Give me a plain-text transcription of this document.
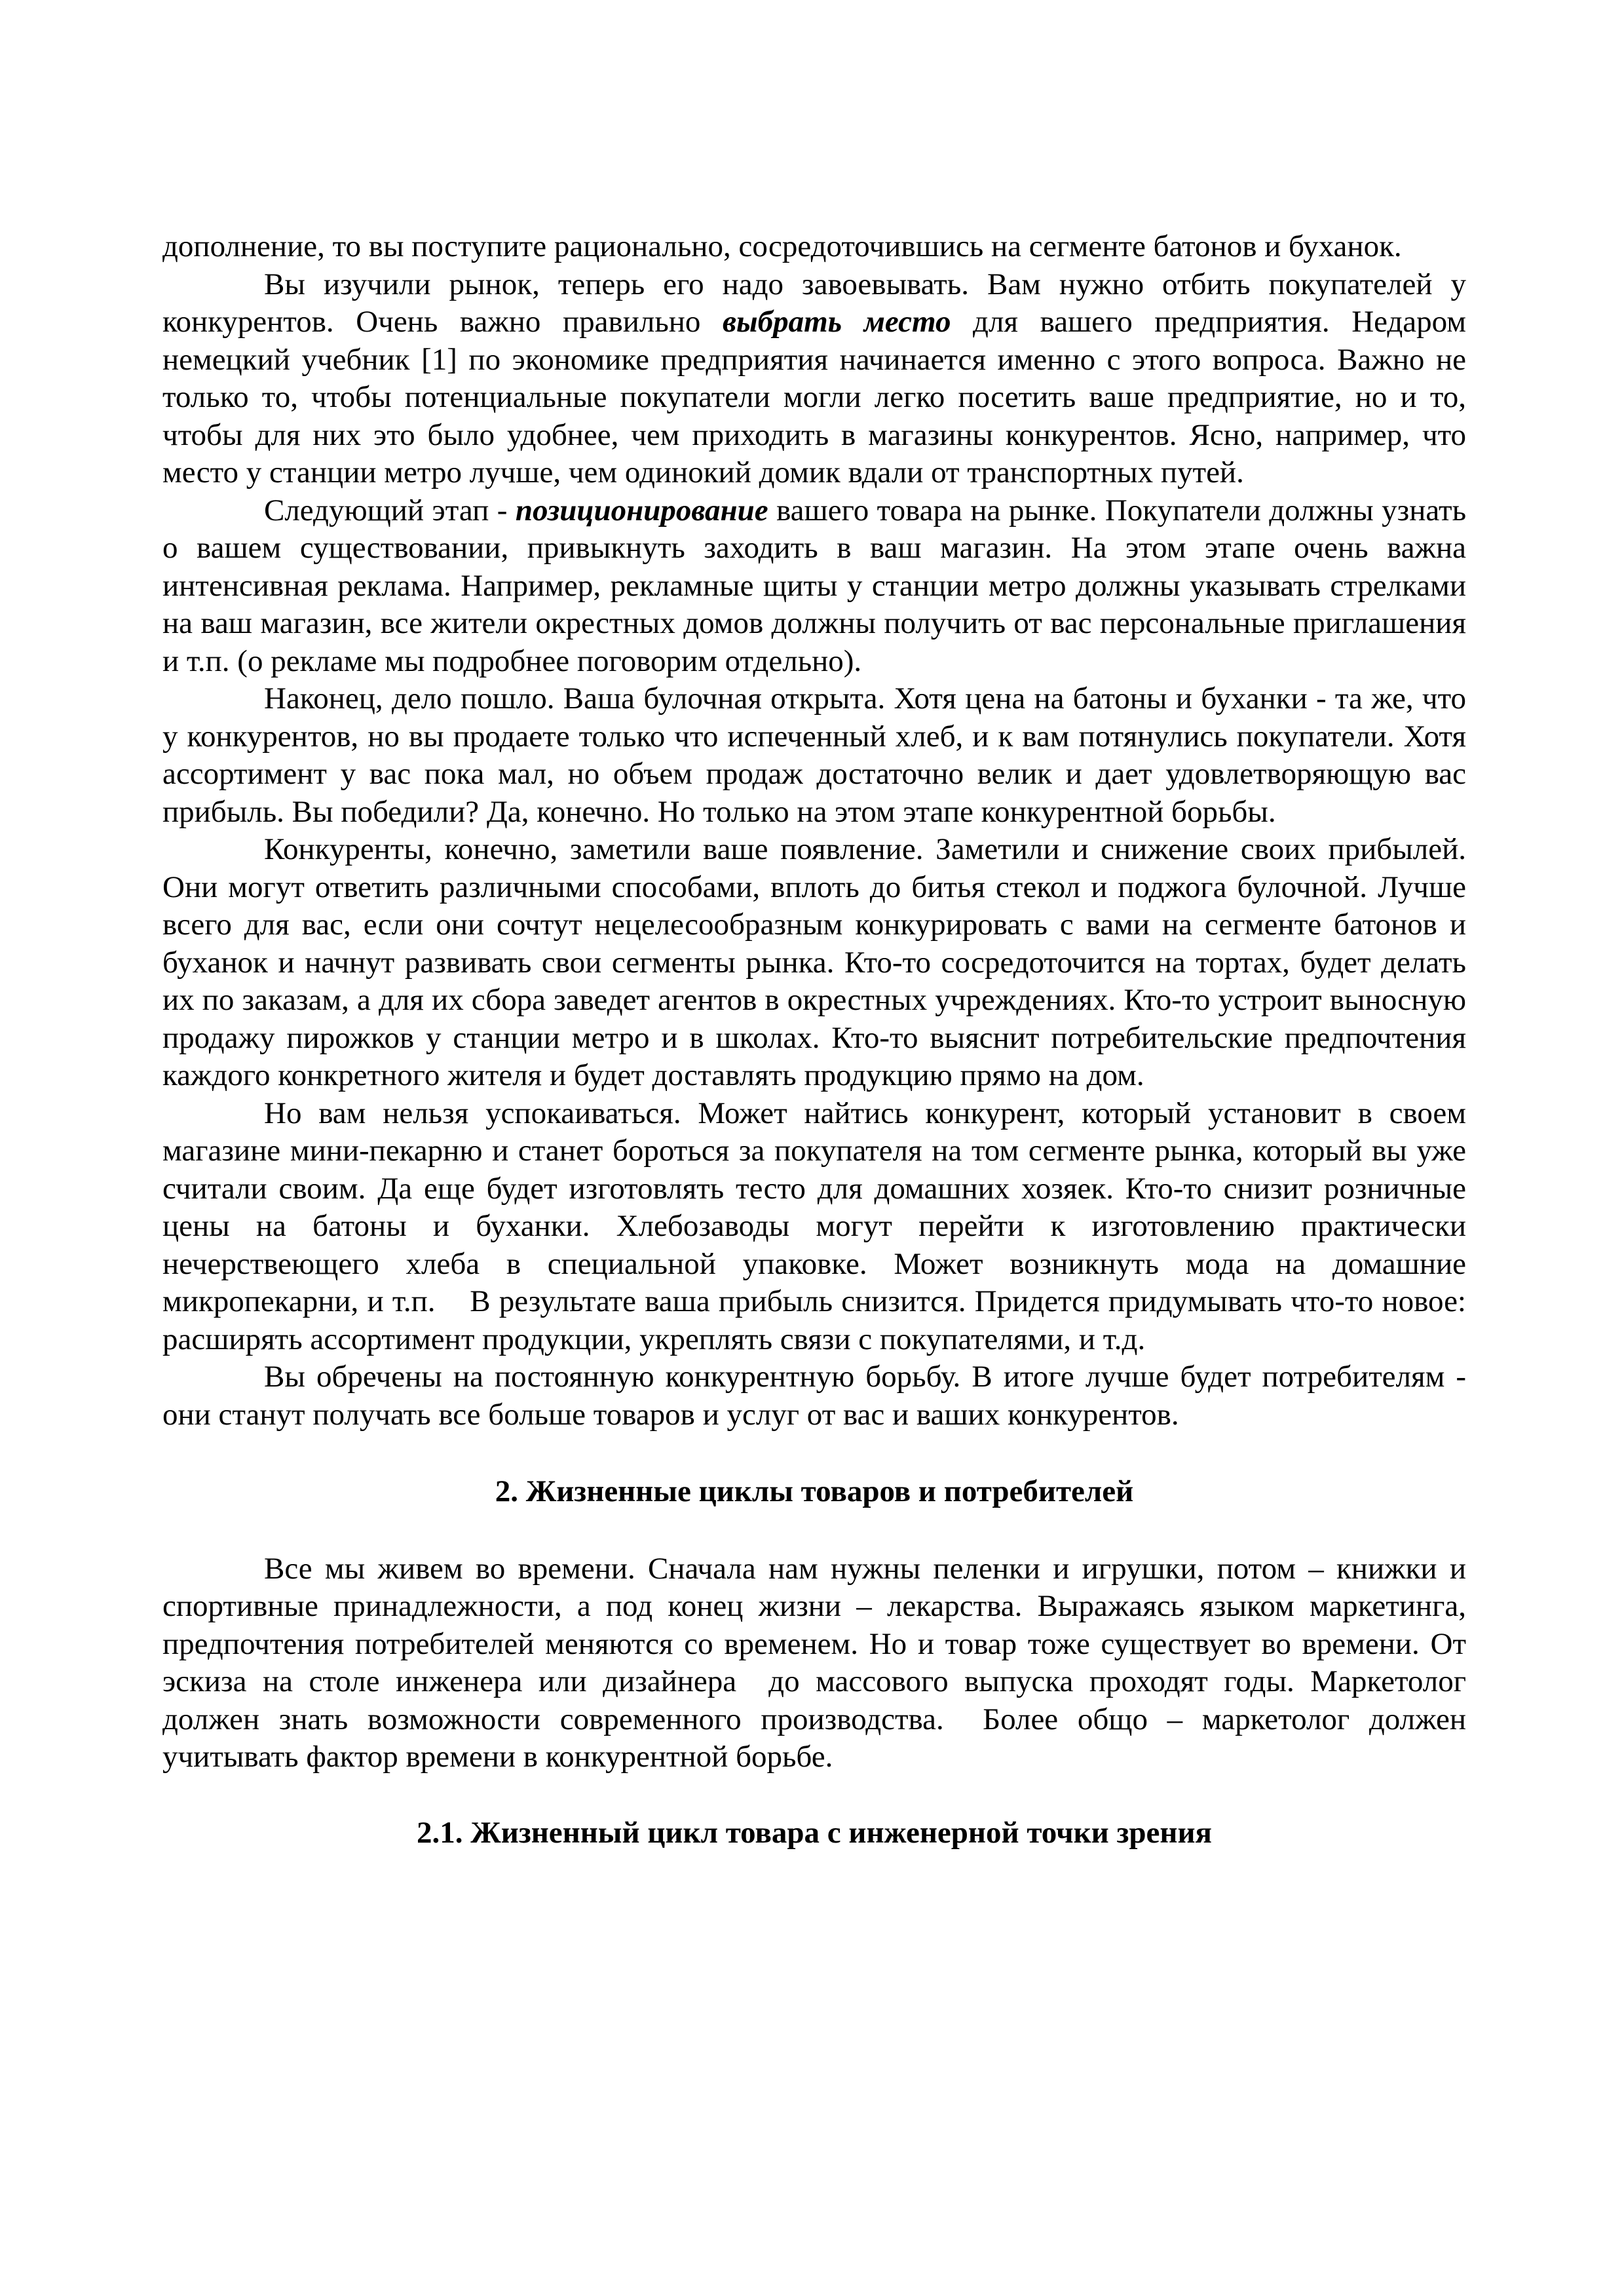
дополнение, то вы поступите рационально, сосредоточившись на сегменте батонов и буханок.

Вы изучили рынок, теперь его надо завоевывать. Вам нужно отбить покупателей у конкурентов. Очень важно правильно выбрать место для вашего предприятия. Недаром немецкий учебник [1] по экономике предприятия начинается именно с этого вопроса. Важно не только то, чтобы потенциальные покупатели могли легко посетить ваше предприятие, но и то, чтобы для них это было удобнее, чем приходить в магазины конкурентов. Ясно, например, что место у станции метро лучше, чем одинокий домик вдали от транспортных путей.

Следующий этап - позиционирование вашего товара на рынке. Покупатели должны узнать о вашем существовании, привыкнуть заходить в ваш магазин. На этом этапе очень важна интенсивная реклама. Например, рекламные щиты у станции метро должны указывать стрелками на ваш магазин, все жители окрестных домов должны получить от вас персональные приглашения и т.п. (о рекламе мы подробнее поговорим отдельно).

Наконец, дело пошло. Ваша булочная открыта. Хотя цена на батоны и буханки - та же, что у конкурентов, но вы продаете только что испеченный хлеб, и к вам потянулись покупатели. Хотя ассортимент у вас пока мал, но объем продаж достаточно велик и дает удовлетворяющую вас прибыль. Вы победили? Да, конечно. Но только на этом этапе конкурентной борьбы.

Конкуренты, конечно, заметили ваше появление. Заметили и снижение своих прибылей. Они могут ответить различными способами, вплоть до битья стекол и поджога булочной. Лучше всего для вас, если они сочтут нецелесообразным конкурировать с вами на сегменте батонов и буханок и начнут развивать свои сегменты рынка. Кто-то сосредоточится на тортах, будет делать их по заказам, а для их сбора заведет агентов в окрестных учреждениях. Кто-то устроит выносную продажу пирожков у станции метро и в школах. Кто-то выяснит потребительские предпочтения каждого конкретного жителя и будет доставлять продукцию прямо на дом.

Но вам нельзя успокаиваться. Может найтись конкурент, который установит в своем магазине мини-пекарню и станет бороться за покупателя на том сегменте рынка, который вы уже считали своим. Да еще будет изготовлять тесто для домашних хозяек. Кто-то снизит розничные цены на батоны и буханки. Хлебозаводы могут перейти к изготовлению практически нечерствеющего хлеба в специальной упаковке. Может возникнуть мода на домашние микропекарни, и т.п.    В результате ваша прибыль снизится. Придется придумывать что-то новое: расширять ассортимент продукции, укреплять связи с покупателями, и т.д.

Вы обречены на постоянную конкурентную борьбу. В итоге лучше будет потребителям - они станут получать все больше товаров и услуг от вас и ваших конкурентов.

2. Жизненные циклы товаров и потребителей

Все мы живем во времени. Сначала нам нужны пеленки и игрушки, потом – книжки и спортивные принадлежности, а под конец жизни – лекарства. Выражаясь языком маркетинга,  предпочтения потребителей меняются со временем. Но и товар тоже существует во времени. От эскиза на столе инженера или дизайнера  до массового выпуска проходят годы. Маркетолог должен знать возможности современного производства.  Более общо – маркетолог должен учитывать фактор времени в конкурентной борьбе.

2.1. Жизненный цикл товара с инженерной точки зрения
